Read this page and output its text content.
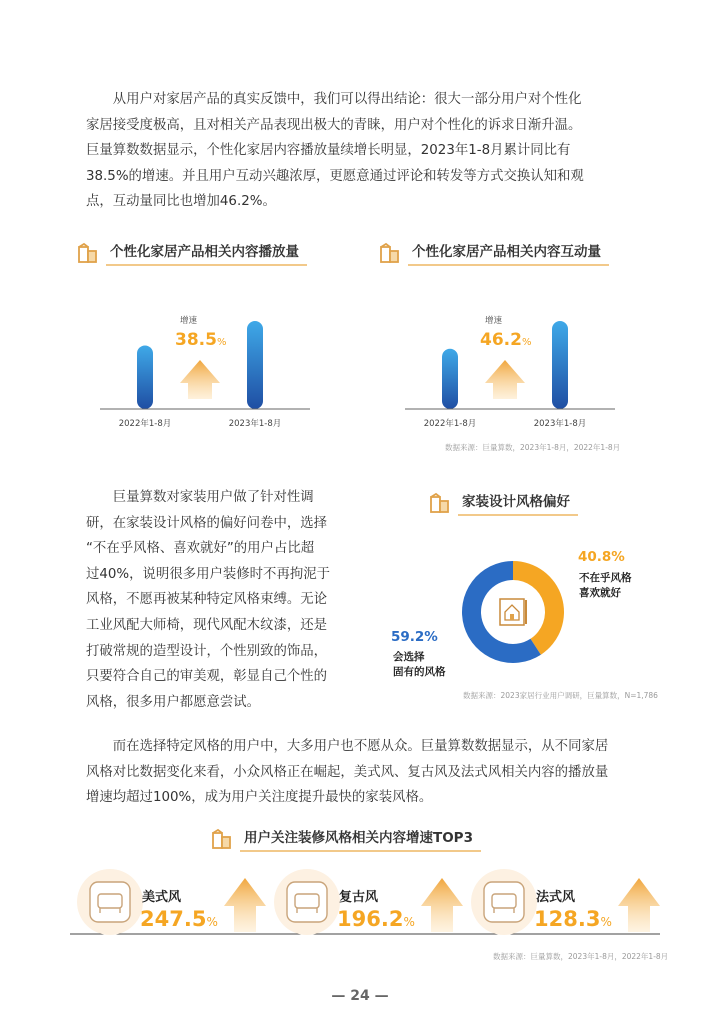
从用户对家居产品的真实反馈中，我们可以得出结论：很大一部分用户对个性化

家居接受度极高，且对相关产品表现出极大的青睐，用户对个性化的诉求日渐升温。

巨量算数数据显示，个性化家居内容播放量续增长明显，2023年1-8月累计同比有

38.5%的增速。并且用户互动兴趣浓厚，更愿意通过评论和转发等方式交换认知和观

点，互动量同比也增加46.2%。

个性化家居产品相关内容播放量	个性化家居产品相关内容互动量
2022年1-8月	2023年1-8月
增速
38.5%
2022年1-8月	2023年1-8月
增速
46.2%
数据来源：巨量算数，2023年1-8月，2022年1-8月

巨量算数对家装用户做了针对性调

研，在家装设计风格的偏好问卷中，选择

“不在乎风格、喜欢就好”的用户占比超

过40%，说明很多用户装修时不再拘泥于

风格，不愿再被某种特定风格束缚。无论

工业风配大师椅，现代风配木纹漆，还是

打破常规的造型设计，个性别致的饰品，

只要符合自己的审美观，彰显自己个性的

风格，很多用户都愿意尝试。

家装设计风格偏好
40.8%
不在乎风格
喜欢就好
59.2%
会选择
固有的风格
数据来源：2023家居行业用户调研，巨量算数，N=1,786

而在选择特定风格的用户中，大多用户也不愿从众。巨量算数数据显示，从不同家居

风格对比数据变化来看，小众风格正在崛起，美式风、复古风及法式风相关内容的播放量

增速均超过100%，成为用户关注度提升最快的家装风格。

用户关注装修风格相关内容增速TOP3
美式风
247.5%
复古风
196.2%
法式风
128.3%
数据来源：巨量算数，2023年1-8月，2022年1-8月
— 24 —
